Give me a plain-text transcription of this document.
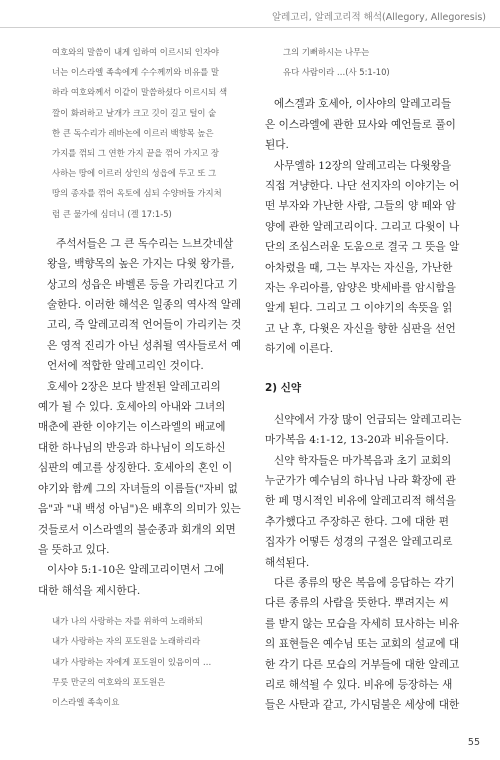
알레고리, 알레고리적 해석(Allegory, Allegoresis)
여호와의 말씀이 내게 임하여 이르시되 인자야
너는 이스라엘 족속에게 수수께끼와 비유를 말
하라 여호와께서 이같이 말씀하셨다 이르시되 색
깔이 화려하고 날개가 크고 깃이 길고 털이 숱
한 큰 독수리가 레바논에 이르러 백향목 높은
가지를 꺾되 그 연한 가지 끝을 꺾어 가지고 장
사하는 땅에 이르러 상인의 성읍에 두고 또 그
땅의 종자를 꺾어 옥토에 심되 수양버들 가지처
럼 큰 물가에 심더니 (겔 17:1-5)
주석서들은 그 큰 독수리는 느브갓네살
왕을, 백향목의 높은 가지는 다윗 왕가를,
상고의 성읍은 바벨론 등을 가리킨다고 기
술한다. 이러한 해석은 일종의 역사적 알레
고리, 즉 알레고리적 언어들이 가리키는 것
은 영적 진리가 아닌 성취될 역사들로서 예
언서에 적합한 알레고리인 것이다.
호세아 2장은 보다 발전된 알레고리의
예가 될 수 있다. 호세아의 아내와 그녀의
매춘에 관한 이야기는 이스라엘의 배교에
대한 하나님의 반응과 하나님이 의도하신
심판의 예고를 상징한다. 호세아의 혼인 이
야기와 함께 그의 자녀들의 이름들("자비 없
음"과 "내 백성 아님")은 배후의 의미가 있는
것들로서 이스라엘의 불순종과 회개의 외면
을 뜻하고 있다.
이사야 5:1-10은 알레고리이면서 그에
대한 해석을 제시한다.
내가 나의 사랑하는 자를 위하여 노래하되
내가 사랑하는 자의 포도원을 노래하리라
내가 사랑하는 자에게 포도원이 있음이여 …
무릇 만군의 여호와의 포도원은
이스라엘 족속이요
그의 기뻐하시는 나무는
유다 사람이라 …(사 5:1-10)
에스겔과 호세아, 이사야의 알레고리들
은 이스라엘에 관한 묘사와 예언들로 풀이
된다.
사무엘하 12장의 알레고리는 다윗왕을
직접 겨냥한다. 나단 선지자의 이야기는 어
떤 부자와 가난한 사람, 그들의 양 떼와 암
양에 관한 알레고리이다. 그리고 다윗이 나
단의 조심스러운 도움으로 결국 그 뜻을 알
아차렸을 때, 그는 부자는 자신을, 가난한
자는 우리아를, 암양은 밧세바를 암시함을
알게 된다. 그리고 그 이야기의 속뜻을 읽
고 난 후, 다윗은 자신을 향한 심판을 선언
하기에 이른다.
2) 신약
신약에서 가장 많이 언급되는 알레고리는
마가복음 4:1-12, 13-20과 비유들이다.
신약 학자들은 마가복음과 초기 교회의
누군가가 예수님의 하나님 나라 확장에 관
한 페 명시적인 비유에 알레고리적 해석을
추가했다고 주장하곤 한다. 그에 대한 편
집자가 어떻든 성경의 구절은 알레고리로
해석된다.
다른 종류의 땅은 복음에 응답하는 각기
다른 종류의 사람을 뜻한다. 뿌려지는 씨
를 받지 않는 모습을 자세히 묘사하는 비유
의 표현들은 예수님 또는 교회의 설교에 대
한 각기 다른 모습의 거부들에 대한 알레고
리로 해석될 수 있다. 비유에 등장하는 새
들은 사탄과 같고, 가시덤불은 세상에 대한
55
